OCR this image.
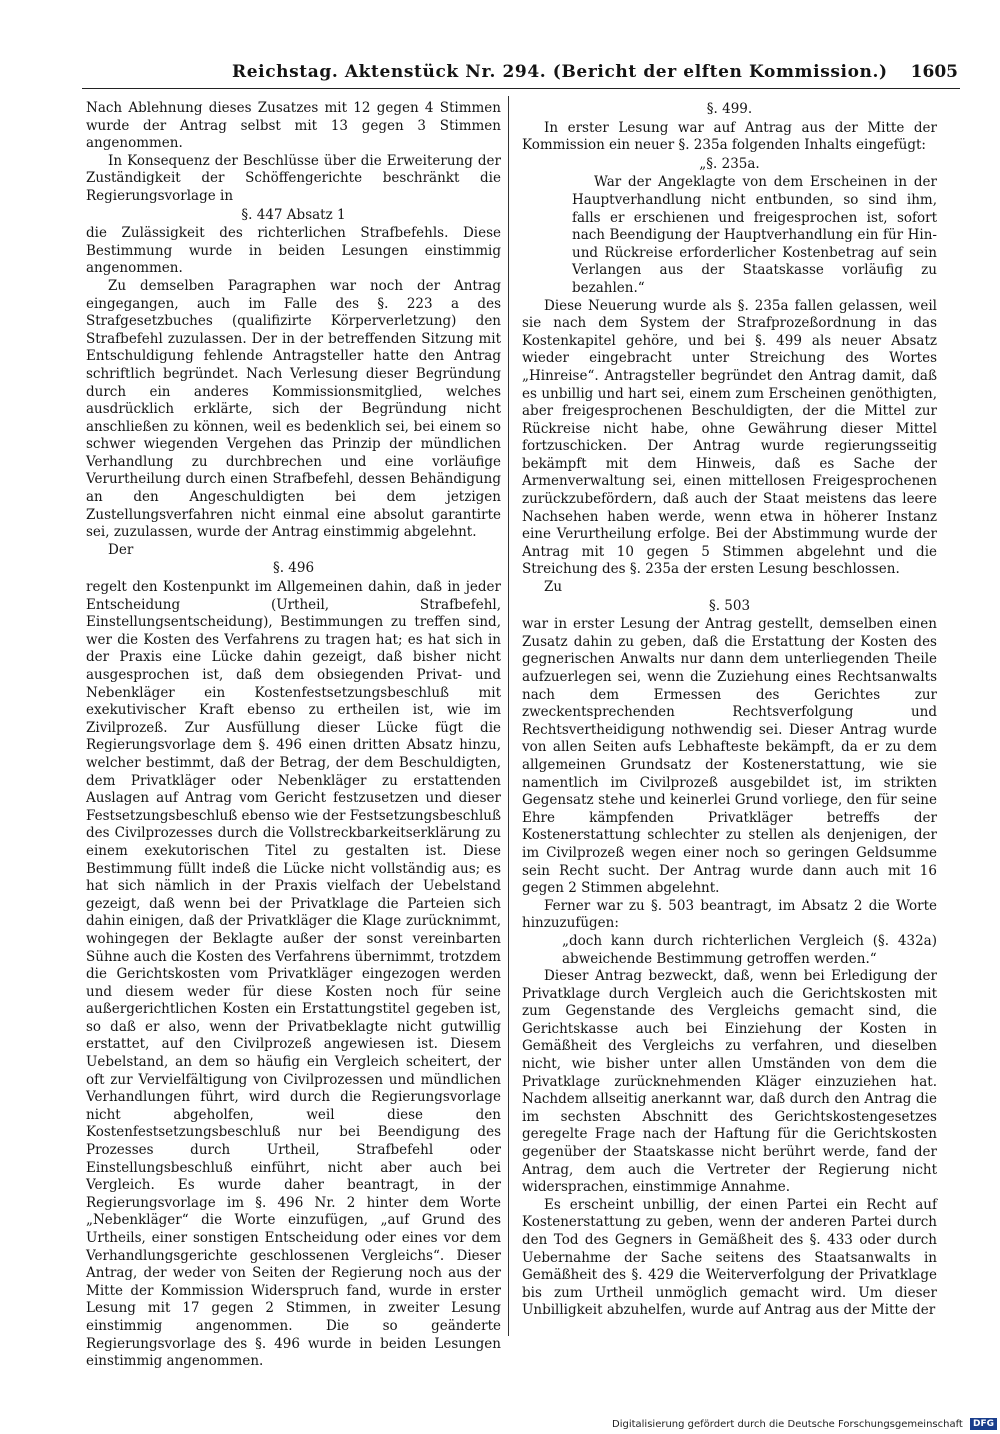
Reichstag. Aktenstück Nr. 294. (Bericht der elften Kommission.) 1605

Nach Ablehnung dieses Zusatzes mit 12 gegen 4 Stimmen wurde der Antrag selbst mit 13 gegen 3 Stimmen angenommen.

In Konsequenz der Beschlüsse über die Erweiterung der Zuständigkeit der Schöffengerichte beschränkt die Regierungsvorlage in

§. 447 Absatz 1

die Zulässigkeit des richterlichen Strafbefehls. Diese Bestimmung wurde in beiden Lesungen einstimmig angenommen.

Zu demselben Paragraphen war noch der Antrag eingegangen, auch im Falle des §. 223 a des Strafgesetzbuches (qualifizirte Körperverletzung) den Strafbefehl zuzulassen. Der in der betreffenden Sitzung mit Entschuldigung fehlende Antragsteller hatte den Antrag schriftlich begründet. Nach Verlesung dieser Begründung durch ein anderes Kommissionsmitglied, welches ausdrücklich erklärte, sich der Begründung nicht anschließen zu können, weil es bedenklich sei, bei einem so schwer wiegenden Vergehen das Prinzip der mündlichen Verhandlung zu durchbrechen und eine vorläufige Verurtheilung durch einen Strafbefehl, dessen Behändigung an den Angeschuldigten bei dem jetzigen Zustellungsverfahren nicht einmal eine absolut garantirte sei, zuzulassen, wurde der Antrag einstimmig abgelehnt.

Der

§. 496

regelt den Kostenpunkt im Allgemeinen dahin, daß in jeder Entscheidung (Urtheil, Strafbefehl, Einstellungsentscheidung), Bestimmungen zu treffen sind, wer die Kosten des Verfahrens zu tragen hat; es hat sich in der Praxis eine Lücke dahin gezeigt, daß bisher nicht ausgesprochen ist, daß dem obsiegenden Privat- und Nebenkläger ein Kostenfestsetzungsbeschluß mit exekutivischer Kraft ebenso zu ertheilen ist, wie im Zivilprozeß. Zur Ausfüllung dieser Lücke fügt die Regierungsvorlage dem §. 496 einen dritten Absatz hinzu, welcher bestimmt, daß der Betrag, der dem Beschuldigten, dem Privatkläger oder Nebenkläger zu erstattenden Auslagen auf Antrag vom Gericht festzusetzen und dieser Festsetzungsbeschluß ebenso wie der Festsetzungsbeschluß des Civilprozesses durch die Vollstreckbarkeitserklärung zu einem exekutorischen Titel zu gestalten ist. Diese Bestimmung füllt indeß die Lücke nicht vollständig aus; es hat sich nämlich in der Praxis vielfach der Uebelstand gezeigt, daß wenn bei der Privatklage die Parteien sich dahin einigen, daß der Privatkläger die Klage zurücknimmt, wohingegen der Beklagte außer der sonst vereinbarten Sühne auch die Kosten des Verfahrens übernimmt, trotzdem die Gerichtskosten vom Privatkläger eingezogen werden und diesem weder für diese Kosten noch für seine außergerichtlichen Kosten ein Erstattungstitel gegeben ist, so daß er also, wenn der Privatbeklagte nicht gutwillig erstattet, auf den Civilprozeß angewiesen ist. Diesem Uebelstand, an dem so häufig ein Vergleich scheitert, der oft zur Vervielfältigung von Civilprozessen und mündlichen Verhandlungen führt, wird durch die Regierungsvorlage nicht abgeholfen, weil diese den Kostenfestsetzungsbeschluß nur bei Beendigung des Prozesses durch Urtheil, Strafbefehl oder Einstellungsbeschluß einführt, nicht aber auch bei Vergleich. Es wurde daher beantragt, in der Regierungsvorlage im §. 496 Nr. 2 hinter dem Worte „Nebenkläger“ die Worte einzufügen, „auf Grund des Urtheils, einer sonstigen Entscheidung oder eines vor dem Verhandlungsgerichte geschlossenen Vergleichs“. Dieser Antrag, der weder von Seiten der Regierung noch aus der Mitte der Kommission Widerspruch fand, wurde in erster Lesung mit 17 gegen 2 Stimmen, in zweiter Lesung einstimmig angenommen. Die so geänderte Regierungsvorlage des §. 496 wurde in beiden Lesungen einstimmig angenommen.

§. 499.

In erster Lesung war auf Antrag aus der Mitte der Kommission ein neuer §. 235a folgenden Inhalts eingefügt:

„§. 235a.

War der Angeklagte von dem Erscheinen in der Hauptverhandlung nicht entbunden, so sind ihm, falls er erschienen und freigesprochen ist, sofort nach Beendigung der Hauptverhandlung ein für Hin- und Rückreise erforderlicher Kostenbetrag auf sein Verlangen aus der Staatskasse vorläufig zu bezahlen.“

Diese Neuerung wurde als §. 235a fallen gelassen, weil sie nach dem System der Strafprozeßordnung in das Kostenkapitel gehöre, und bei §. 499 als neuer Absatz wieder eingebracht unter Streichung des Wortes „Hinreise“. Antragsteller begründet den Antrag damit, daß es unbillig und hart sei, einem zum Erscheinen genöthigten, aber freigesprochenen Beschuldigten, der die Mittel zur Rückreise nicht habe, ohne Gewährung dieser Mittel fortzuschicken. Der Antrag wurde regierungsseitig bekämpft mit dem Hinweis, daß es Sache der Armenverwaltung sei, einen mittellosen Freigesprochenen zurückzubefördern, daß auch der Staat meistens das leere Nachsehen haben werde, wenn etwa in höherer Instanz eine Verurtheilung erfolge. Bei der Abstimmung wurde der Antrag mit 10 gegen 5 Stimmen abgelehnt und die Streichung des §. 235a der ersten Lesung beschlossen.

Zu

§. 503

war in erster Lesung der Antrag gestellt, demselben einen Zusatz dahin zu geben, daß die Erstattung der Kosten des gegnerischen Anwalts nur dann dem unterliegenden Theile aufzuerlegen sei, wenn die Zuziehung eines Rechtsanwalts nach dem Ermessen des Gerichtes zur zweckentsprechenden Rechtsverfolgung und Rechtsvertheidigung nothwendig sei. Dieser Antrag wurde von allen Seiten aufs Lebhafteste bekämpft, da er zu dem allgemeinen Grundsatz der Kostenerstattung, wie sie namentlich im Civilprozeß ausgebildet ist, im strikten Gegensatz stehe und keinerlei Grund vorliege, den für seine Ehre kämpfenden Privatkläger betreffs der Kostenerstattung schlechter zu stellen als denjenigen, der im Civilprozeß wegen einer noch so geringen Geldsumme sein Recht sucht. Der Antrag wurde dann auch mit 16 gegen 2 Stimmen abgelehnt.

Ferner war zu §. 503 beantragt, im Absatz 2 die Worte hinzuzufügen:

„doch kann durch richterlichen Vergleich (§. 432a) abweichende Bestimmung getroffen werden.“

Dieser Antrag bezweckt, daß, wenn bei Erledigung der Privatklage durch Vergleich auch die Gerichtskosten mit zum Gegenstande des Vergleichs gemacht sind, die Gerichtskasse auch bei Einziehung der Kosten in Gemäßheit des Vergleichs zu verfahren, und dieselben nicht, wie bisher unter allen Umständen von dem die Privatklage zurücknehmenden Kläger einzuziehen hat. Nachdem allseitig anerkannt war, daß durch den Antrag die im sechsten Abschnitt des Gerichtskostengesetzes geregelte Frage nach der Haftung für die Gerichtskosten gegenüber der Staatskasse nicht berührt werde, fand der Antrag, dem auch die Vertreter der Regierung nicht widersprachen, einstimmige Annahme.

Es erscheint unbillig, der einen Partei ein Recht auf Kostenerstattung zu geben, wenn der anderen Partei durch den Tod des Gegners in Gemäßheit des §. 433 oder durch Uebernahme der Sache seitens des Staatsanwalts in Gemäßheit des §. 429 die Weiterverfolgung der Privatklage bis zum Urtheil unmöglich gemacht wird. Um dieser Unbilligkeit abzuhelfen, wurde auf Antrag aus der Mitte der

Digitalisierung gefördert durch die Deutsche Forschungsgemeinschaft DFG
